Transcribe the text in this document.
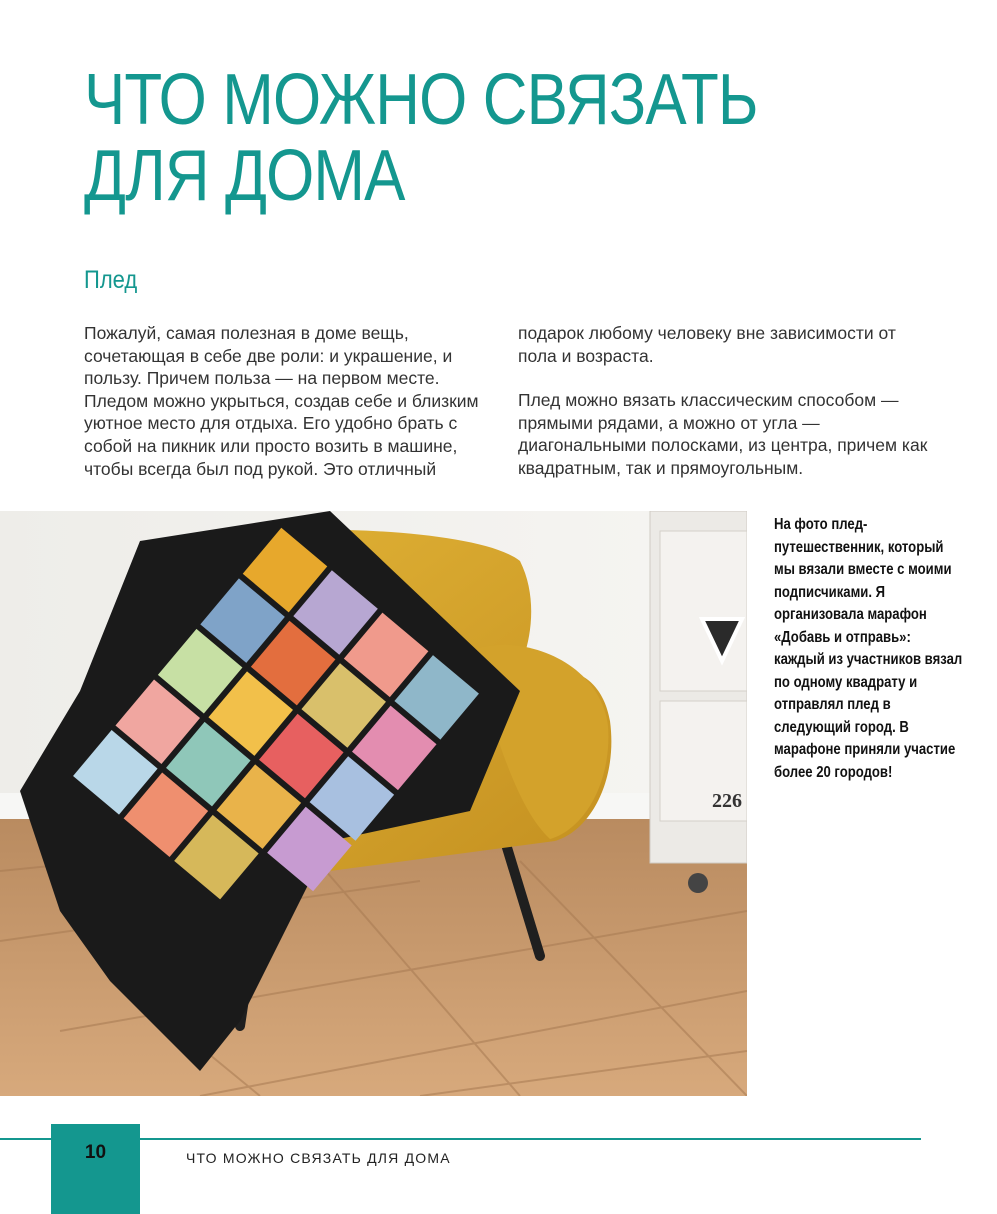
ЧТО МОЖНО СВЯЗАТЬ
ДЛЯ ДОМА
Плед

Пожалуй, самая полезная в доме вещь, сочетающая в себе две роли: и украшение, и пользу. Причем польза — на первом месте. Пледом можно укрыться, создав себе и близким уютное место для отдыха. Его удобно брать с собой на пикник или просто возить в машине, чтобы всегда был под рукой. Это отличный

подарок любому человеку вне зависимости от пола и возраста.

Плед можно вязать классическим способом — прямыми рядами, а можно от угла — диагональными полосками, из центра, причем как квадратным, так и прямоугольным.

226

На фото плед-путешественник, который мы вязали вместе с моими подписчиками. Я организовала марафон «Добавь и отправь»: каждый из участников вязал по одному квадрату и отправлял плед в следующий город. В марафоне приняли участие более 20 городов!

10	ЧТО МОЖНО СВЯЗАТЬ ДЛЯ ДОМА
